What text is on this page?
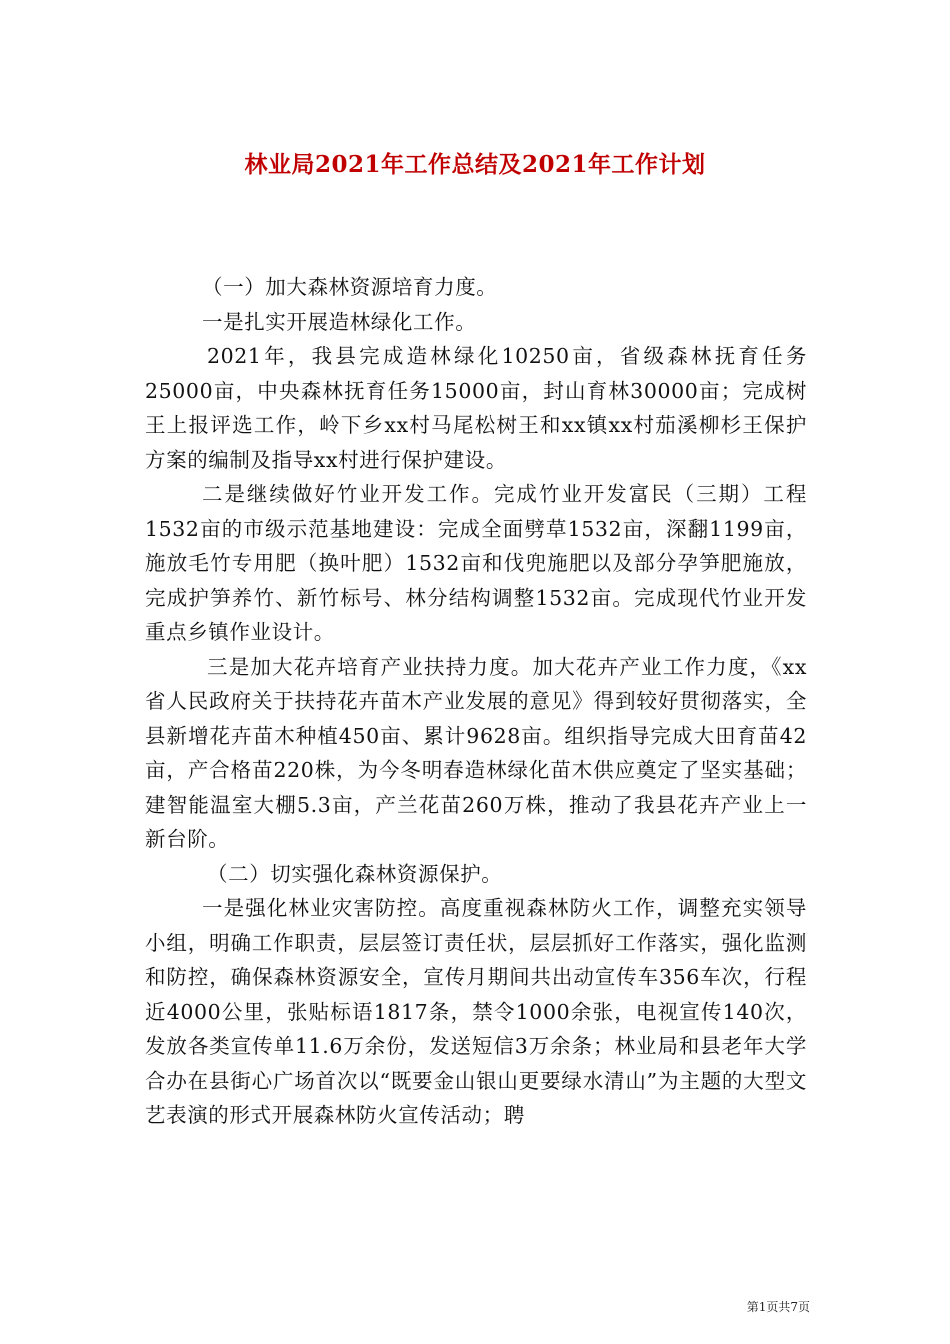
林业局2021年工作总结及2021年工作计划

（一）加大森林资源培育力度。

一是扎实开展造林绿化工作。

2021年，我县完成造林绿化10250亩，省级森林抚育任务25000亩，中央森林抚育任务15000亩，封山育林30000亩；完成树王上报评选工作，岭下乡xx村马尾松树王和xx镇xx村茄溪柳杉王保护方案的编制及指导xx村进行保护建设。

二是继续做好竹业开发工作。完成竹业开发富民（三期）工程1532亩的市级示范基地建设：完成全面劈草1532亩，深翻1199亩，施放毛竹专用肥（换叶肥）1532亩和伐兜施肥以及部分孕笋肥施放，完成护笋养竹、新竹标号、林分结构调整1532亩。完成现代竹业开发重点乡镇作业设计。

三是加大花卉培育产业扶持力度。加大花卉产业工作力度，《xx省人民政府关于扶持花卉苗木产业发展的意见》得到较好贯彻落实，全县新增花卉苗木种植450亩、累计9628亩。组织指导完成大田育苗42亩，产合格苗220株，为今冬明春造林绿化苗木供应奠定了坚实基础；建智能温室大棚5.3亩，产兰花苗260万株，推动了我县花卉产业上一新台阶。

（二）切实强化森林资源保护。

一是强化林业灾害防控。高度重视森林防火工作，调整充实领导小组，明确工作职责，层层签订责任状，层层抓好工作落实，强化监测和防控，确保森林资源安全，宣传月期间共出动宣传车356车次，行程近4000公里，张贴标语1817条，禁令1000余张，电视宣传140次，发放各类宣传单11.6万余份，发送短信3万余条；林业局和县老年大学合办在县街心广场首次以“既要金山银山更要绿水清山”为主题的大型文艺表演的形式开展森林防火宣传活动；聘

第1页共7页
